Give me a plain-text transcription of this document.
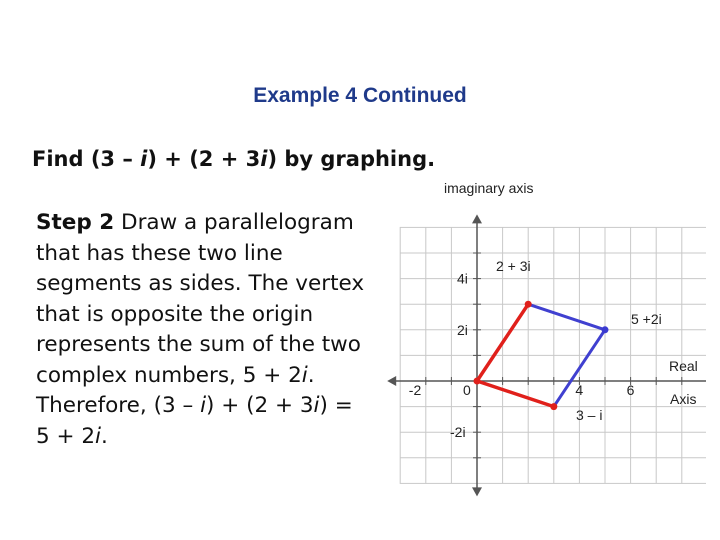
Example 4 Continued
Find (3 – i) + (2 + 3i) by graphing.
Step 2 Draw a parallelogram that has these two line segments as sides. The vertex that is opposite the origin represents the sum of the two complex numbers, 5 + 2i. Therefore, (3 – i) + (2 + 3i) = 5 + 2i.
2 + 3i
5 +2i
3 – i
-2	0	4	6
4i
2i
-2i
imaginary axis
Real
Axis
